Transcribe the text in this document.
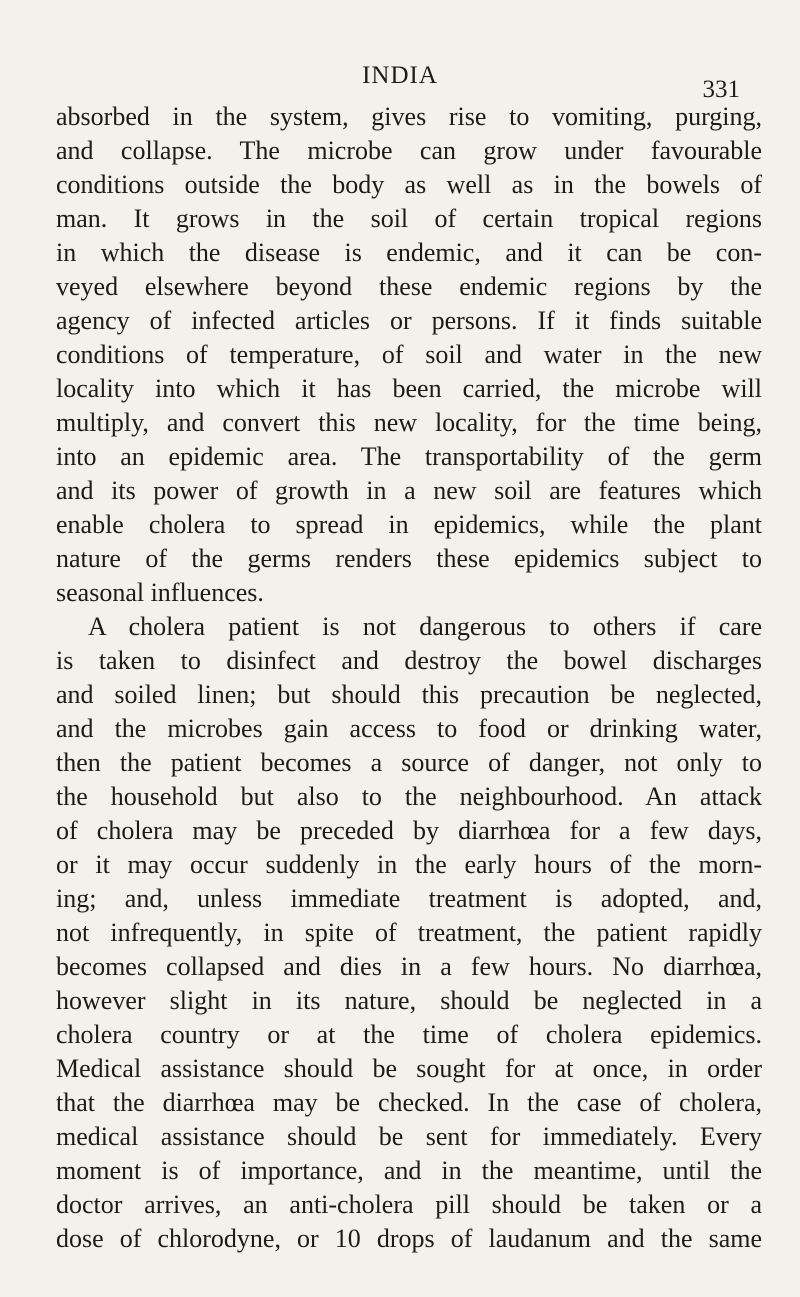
INDIA
331
absorbed in the system, gives rise to vomiting, purging,
and collapse. The microbe can grow under favourable
conditions outside the body as well as in the bowels of
man. It grows in the soil of certain tropical regions
in which the disease is endemic, and it can be con-
veyed elsewhere beyond these endemic regions by the
agency of infected articles or persons. If it finds suitable
conditions of temperature, of soil and water in the new
locality into which it has been carried, the microbe will
multiply, and convert this new locality, for the time being,
into an epidemic area. The transportability of the germ
and its power of growth in a new soil are features which
enable cholera to spread in epidemics, while the plant
nature of the germs renders these epidemics subject to
seasonal influences.
A cholera patient is not dangerous to others if care
is taken to disinfect and destroy the bowel discharges
and soiled linen; but should this precaution be neglected,
and the microbes gain access to food or drinking water,
then the patient becomes a source of danger, not only to
the household but also to the neighbourhood. An attack
of cholera may be preceded by diarrhœa for a few days,
or it may occur suddenly in the early hours of the morn-
ing; and, unless immediate treatment is adopted, and,
not infrequently, in spite of treatment, the patient rapidly
becomes collapsed and dies in a few hours. No diarrhœa,
however slight in its nature, should be neglected in a
cholera country or at the time of cholera epidemics.
Medical assistance should be sought for at once, in order
that the diarrhœa may be checked. In the case of cholera,
medical assistance should be sent for immediately. Every
moment is of importance, and in the meantime, until the
doctor arrives, an anti-cholera pill should be taken or a
dose of chlorodyne, or 10 drops of laudanum and the same
